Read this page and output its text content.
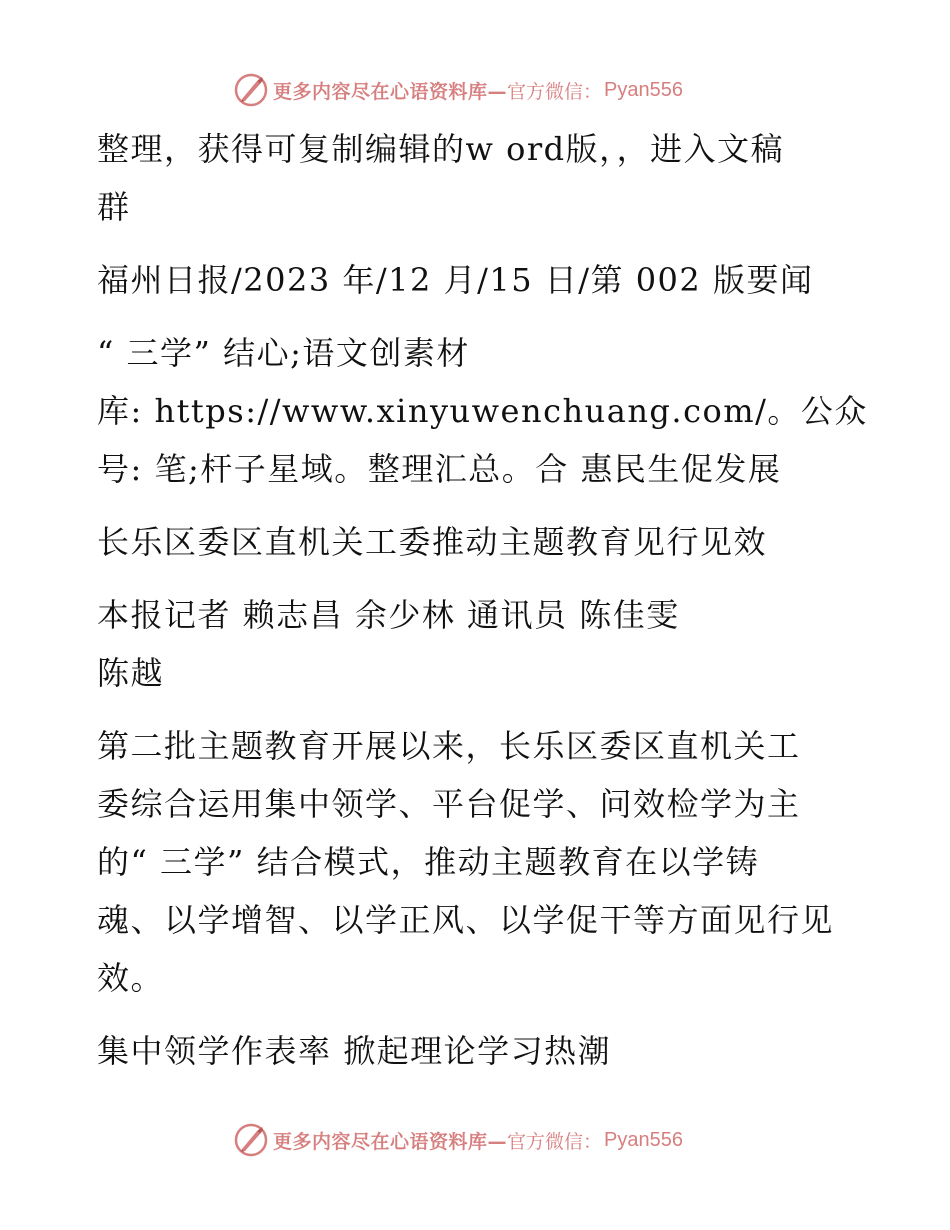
更多内容尽在心语资料库— 官方微信： Pyan556
整理，获得可复制编辑的w ord版，，进入文稿
群
福州日报/2023 年/12 月/15 日/第 002 版要闻
“ 三学” 结心;语文创素材
库: https://www.xinyuwenchuang.com/。公众
号: 笔;杆子星域。整理汇总。合 惠民生促发展
长乐区委区直机关工委推动主题教育见行见效
本报记者 赖志昌 余少林 通讯员 陈佳雯
陈越
第二批主题教育开展以来，长乐区委区直机关工
委综合运用集中领学、平台促学、问效检学为主
的“ 三学” 结合模式，推动主题教育在以学铸
魂、以学增智、以学正风、以学促干等方面见行见
效。
集中领学作表率 掀起理论学习热潮
更多内容尽在心语资料库— 官方微信： Pyan556
